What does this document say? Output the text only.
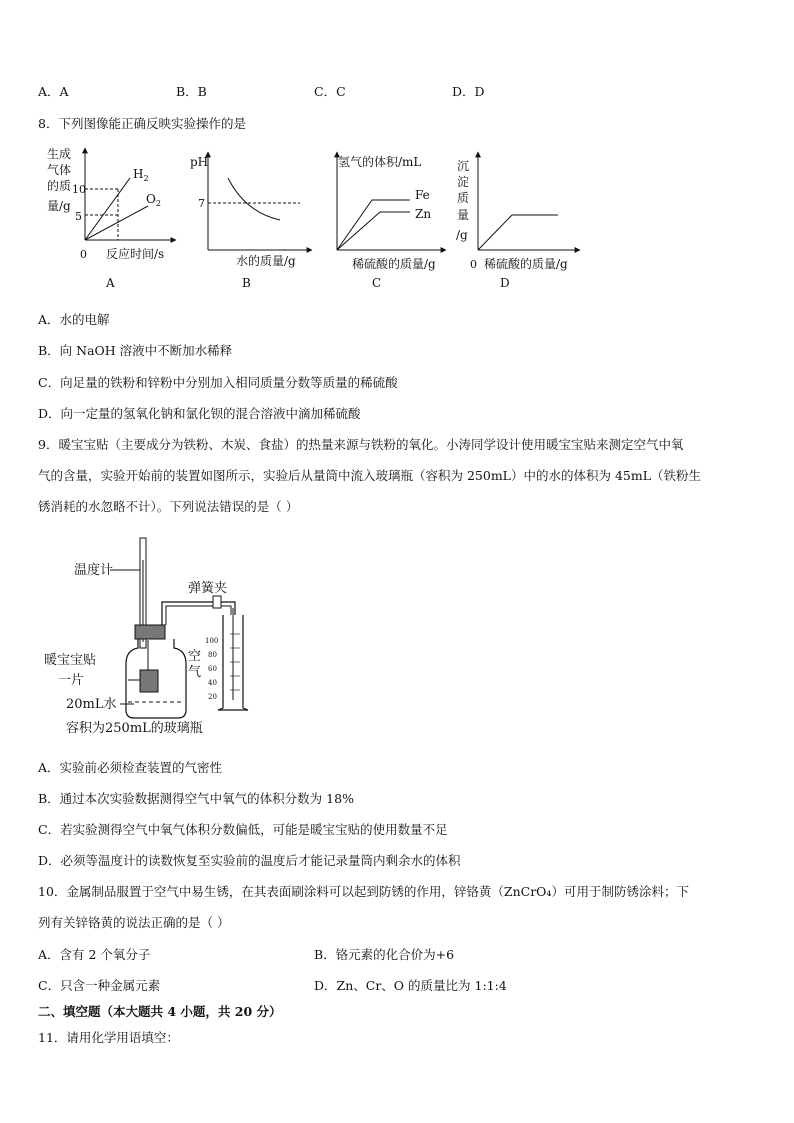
A．A	B．B	C．C	D．D
8．下列图像能正确反映实验操作的是
生成
气体
的质
量/g
10
5
0 反应时间/s
$H_2$
$O_2$
A
pH
7
水的质量/g
B
氢气的体积/mL
Fe
Zn
稀硫酸的质量/g
C
沉
淀
质
量
/g
0 稀硫酸的质量/g
D
A．水的电解
B．向 NaOH 溶液中不断加水稀释
C．向足量的铁粉和锌粉中分别加入相同质量分数等质量的稀硫酸
D．向一定量的氢氧化钠和氯化钡的混合溶液中滴加稀硫酸
9．暖宝宝贴（主要成分为铁粉、木炭、食盐）的热量来源与铁粉的氧化。小涛同学设计使用暖宝宝贴来测定空气中氧
气的含量，实验开始前的装置如图所示，实验后从量筒中流入玻璃瓶（容积为 250mL）中的水的体积为 45mL（铁粉生
锈消耗的水忽略不计）。下列说法错误的是（ ）
温度计
暖宝宝贴
一片
空
气
20mL水
容积为250mL的玻璃瓶
弹簧夹
100
80
60
40
20
A．实验前必须检查装置的气密性
B．通过本次实验数据测得空气中氧气的体积分数为 18%
C．若实验测得空气中氧气体积分数偏低，可能是暖宝宝贴的使用数量不足
D．必须等温度计的读数恢复至实验前的温度后才能记录量筒内剩余水的体积
10．金属制品服置于空气中易生锈，在其表面刷涂料可以起到防锈的作用，锌铬黄（ZnCrO₄）可用于制防锈涂料；下
列有关锌铬黄的说法正确的是（ ）
A．含有 2 个氧分子	B．铬元素的化合价为+6
C．只含一种金属元素	D．Zn、Cr、O 的质量比为 1:1:4
二、填空题（本大题共 4 小题，共 20 分）
11．请用化学用语填空：
